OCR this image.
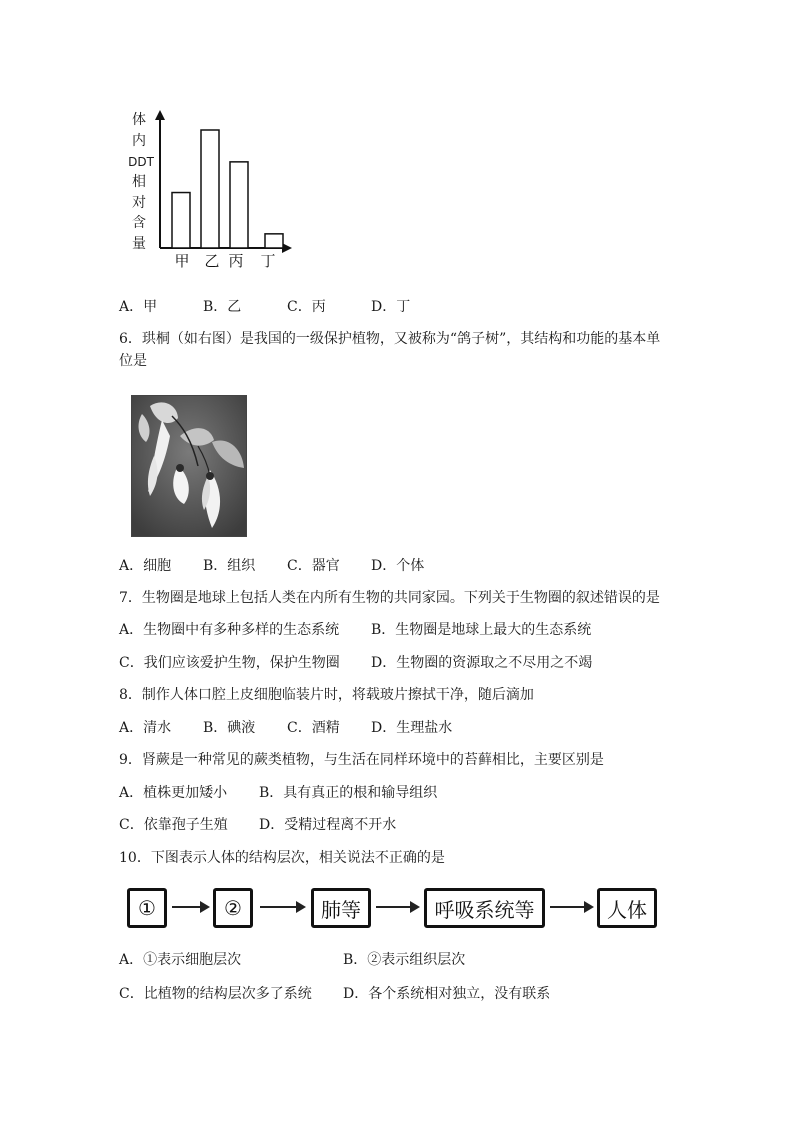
体
内
DDT
相
对
含
量
甲 乙 丙 丁
A．甲	B．乙	C．丙	D．丁
6．珙桐（如右图）是我国的一级保护植物，又被称为“鸽子树”，其结构和功能的基本单
位是
A．细胞 B．组织 C．器官 D．个体
7．生物圈是地球上包括人类在内所有生物的共同家园。下列关于生物圈的叙述错误的是
A．生物圈中有多种多样的生态系统 B．生物圈是地球上最大的生态系统
C．我们应该爱护生物，保护生物圈 D．生物圈的资源取之不尽用之不竭
8．制作人体口腔上皮细胞临装片时，将载玻片擦拭干净，随后滴加
A．清水 B．碘液 C．酒精 D．生理盐水
9．肾蕨是一种常见的蕨类植物，与生活在同样环境中的苔藓相比，主要区别是
A．植株更加矮小 B．具有真正的根和输导组织
C．依靠孢子生殖 D．受精过程离不开水
10．下图表示人体的结构层次，相关说法不正确的是
①	②	肺等	呼吸系统等	人体
A．①表示细胞层次	B．②表示组织层次
C．比植物的结构层次多了系统 D．各个系统相对独立，没有联系
